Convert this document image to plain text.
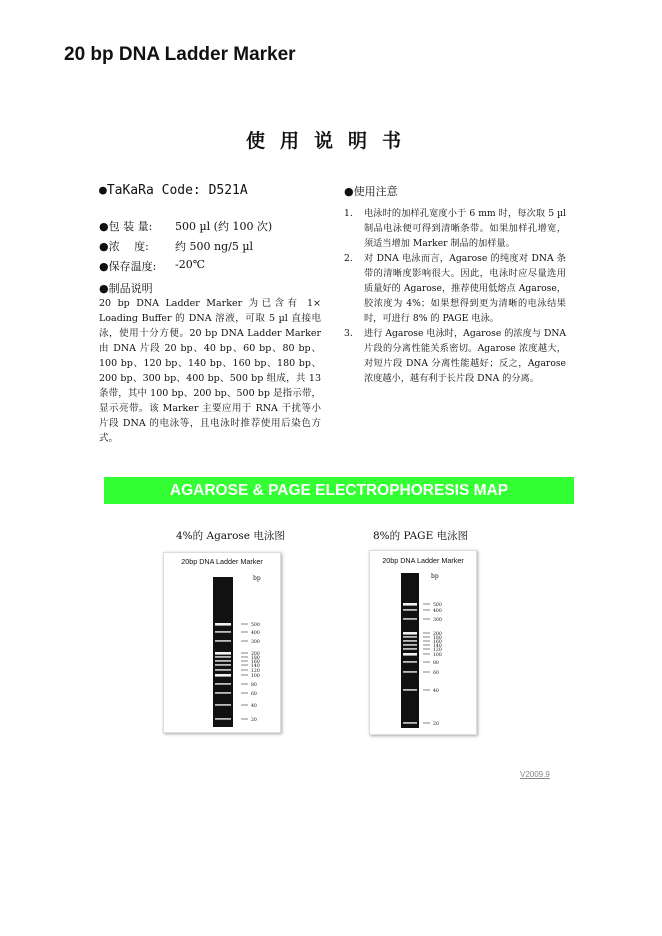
20 bp DNA Ladder Marker
使用说明书
●TaKaRa Code: D521A
●包 装 量:	500 µl (约 100 次)
●浓　 度:	约 500 ng/5 µl
●保存温度:	-20℃
●制品说明
20 bp DNA Ladder Marker 为已含有 1× Loading Buffer 的 DNA 溶液，可取 5 µl 直接电泳，使用十分方便。20 bp DNA Ladder Marker 由 DNA 片段 20 bp、40 bp、60 bp、80 bp、100 bp、120 bp、140 bp、160 bp、180 bp、200 bp、300 bp、400 bp、500 bp 组成，共 13 条带，其中 100 bp、200 bp、500 bp 是指示带，显示亮带。该 Marker 主要应用于 RNA 干扰等小片段 DNA 的电泳等，且电泳时推荐使用后染色方式。
●使用注意
1. 电泳时的加样孔宽度小于 6 mm 时，每次取 5 µl 制品电泳便可得到清晰条带。如果加样孔增宽，须适当增加 Marker 制品的加样量。
2. 对 DNA 电泳而言，Agarose 的纯度对 DNA 条带的清晰度影响很大。因此，电泳时应尽量选用质量好的 Agarose，推荐使用低熔点 Agarose，胶浓度为 4%；如果想得到更为清晰的电泳结果时，可进行 8% 的 PAGE 电泳。
3. 进行 Agarose 电泳时，Agarose 的浓度与 DNA 片段的分离性能关系密切。Agarose 浓度越大，对短片段 DNA 分离性能越好；反之，Agarose 浓度越小，越有利于长片段 DNA 的分离。
AGAROSE & PAGE ELECTROPHORESIS MAP
4%的 Agarose 电泳图
20bp DNA Ladder Marker
bp
500
400
300
200
180
160
140
120
100
80
60
40
20
8%的 PAGE 电泳图
20bp DNA Ladder Marker
bp
500
400
300
200
180
160
140
120
100
80
60
40
20
V2009.9
